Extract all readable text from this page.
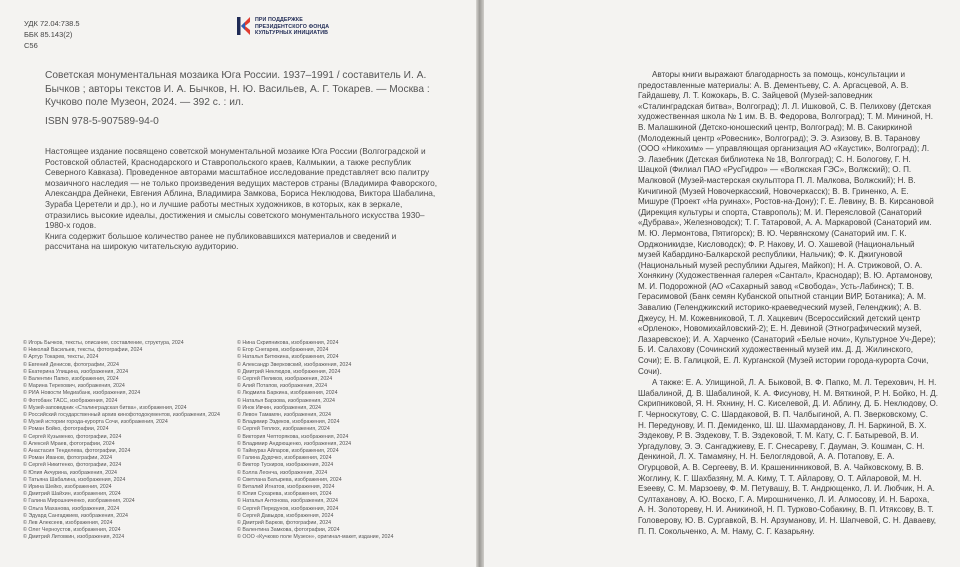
УДК 72.04:738.5
ББК 85.143(2)
С56
ПРИ ПОДДЕРЖКЕ
ПРЕЗИДЕНТСКОГО ФОНДА
КУЛЬТУРНЫХ ИНИЦИАТИВ
Советская монументальная мозаика Юга России. 1937–1991 / составитель И. А. Бычков ; авторы текстов И. А. Бычков, Н. Ю. Васильев, А. Г. Токарев. — Москва : Кучково поле Музеон, 2024. — 392 с. : ил.
ISBN 978-5-907589-94-0

Настоящее издание посвящено советской монументальной мозаике Юга России (Волгоградской и Ростовской областей, Краснодарского и Ставропольского краев, Калмыкии, а также республик Северного Кавказа). Проведенное авторами масштабное исследование представляет всю палитру мозаичного наследия — не только произведения ведущих мастеров страны (Владимира Фаворского, Александра Дейнеки, Евгения Аблина, Владимира Замкова, Бориса Неклюдова, Виктора Шабалина, Зураба Церетели и др.), но и лучшие работы местных художников, в которых, как в зеркале, отразились высокие идеалы, достижения и смыслы советского монументального искусства 1930–1980-х годов.

Книга содержит большое количество ранее не публиковавшихся материалов и сведений и рассчитана на широкую читательскую аудиторию.

© Игорь Бычков, тексты, описание, составление, структура, 2024
© Николай Васильев, тексты, фотографии, 2024
© Артур Токарев, тексты, 2024
© Евгений Денисов, фотографии, 2024
© Екатерина Улищина, изображения, 2024
© Валентин Папко, изображения, 2024
© Марина Терехович, изображения, 2024
© РИА Новости Медиабанк, изображения, 2024
© Фотобанк ТАСС, изображения, 2024
© Музей-заповедник «Сталинградская битва», изображения, 2024
© Российский государственный архив кинофотодокументов, изображения, 2024
© Музей истории города-курорта Сочи, изображения, 2024
© Роман Бойко, фотографии, 2024
© Сергей Кузьменко, фотографии, 2024
© Алексей Мраев, фотографии, 2024
© Анастасия Тенделева, фотографии, 2024
© Роман Иванов, фотографии, 2024
© Сергей Никитенко, фотографии, 2024
© Юлия Акчурина, изображения, 2024
© Татьяна Шабалина, изображения, 2024
© Ирина Шейко, изображения, 2024
© Дмитрий Шайхин, изображения, 2024
© Галина Мирошниченко, изображения, 2024
© Ольга Маханова, изображения, 2024
© Эдуард Сангаджиев, изображения, 2024
© Лев Алексеев, изображения, 2024
© Олег Черноустов, изображения, 2024
© Дмитрий Литовкин, изображения, 2024
© Нина Скрипникова, изображения, 2024
© Егор Снегарев, изображения, 2024
© Наталья Битюкина, изображения, 2024
© Александр Зверковский, изображения, 2024
© Дмитрий Неклюдов, изображения, 2024
© Сергей Пеликов, изображения, 2024
© Алий Потапов, изображения, 2024
© Людмила Баркина, изображения, 2024
© Наталья Барзова, изображения, 2024
© Инок Ивчин, изображения, 2024
© Левон Тамамян, изображения, 2024
© Владимир Эздеков, изображения, 2024
© Сергей Теплюх, изображения, 2024
© Виктория Чепторякова, изображения, 2024
© Владимир Андрющенко, изображения, 2024
© Таймураз Айларов, изображения, 2024
© Галина Дудочко, изображения, 2024
© Виктор Тускиров, изображения, 2024
© Бэлла Леонча, изображения, 2024
© Светлана Батырева, изображения, 2024
© Виталий Игнатов, изображения, 2024
© Юлия Сухарева, изображения, 2024
© Наталья Антонова, изображения, 2024
© Сергей Передунов, изображения, 2024
© Сергей Давыдов, изображения, 2024
© Дмитрий Барков, фотографии, 2024
© Валентина Замкова, фотографии, 2024
© ООО «Кучково поле Музеон», оригинал-макет, издание, 2024

Авторы книги выражают благодарность за помощь, консультации и предоставленные материалы: А. В. Дементьеву, С. А. Аргасцевой, А. В. Гайдашеву, Л. Т. Кожокарь, В. С. Зайцевой (Музей-заповедник «Сталинградская битва», Волгоград); Л. Л. Ишковой, С. В. Пелиховy (Детская художественная школа № 1 им. В. В. Федорова, Волгоград); Т. М. Мининой, Н. В. Малашкиной (Детско-юношеский центр, Волгоград); М. В. Сакиркиной (Молодежный центр «Ровесник», Волгоград); Э. Э. Азизову, В. В. Тарановy (ООО «Никохим» — управляющая организация АО «Каустик», Волгоград); Л. Э. Лазебник (Детская библиотека № 18, Волгоград); С. Н. Бологову, Г. Н. Шацкой (Филиал ПАО «РусГидро» — «Волжская ГЭС», Волжский); О. П. Малковой (Музей-мастерская скульптора П. Л. Малкова, Волжский); Н. В. Кичигиной (Музей Новочеркасский, Новочеркасск); В. В. Гриненко, А. Е. Мишуре (Проект «На руинах», Ростов-на-Дону); Г. Е. Левину, В. В. Кирсановой (Дирекция культуры и спорта, Ставрополь); М. И. Переясловой (Санаторий «Дубрава», Железноводск); Т. Г. Татаровой, А. А. Маркаровой (Санаторий им. М. Ю. Лермонтова, Пятигорск); В. Ю. Червянскому (Санаторий им. Г. К. Орджоникидзе, Кисловодск); Ф. Р. Накову, И. О. Хашевой (Национальный музей Кабардино-Балкарской республики, Нальчик); Ф. К. Джигуновой (Национальный музей республики Адыгея, Майкоп); Н. А. Стрижовой, О. А. Хонякину (Художественная галерея «Сантал», Краснодар); В. Ю. Артамонову, М. И. Подорожной (АО «Сахарный завод «Свобода», Усть-Лабинск); Т. В. Герасимовой (Банк семян Кубанской опытной станции ВИР, Ботаника); А. М. Завалию (Геленджикский историко-краеведческий музей, Геленджик); А. В. Джеусу, Н. М. Кожевниковой, Т. Л. Хацкевич (Всероссийский детский центр «Орленок», Новомихайловский-2); Е. Н. Девиной (Этнографический музей, Лазаревское); И. А. Харченко (Санаторий «Белые ночи», Культурное Уч-Дере); Б. И. Салахову (Сочинский художественный музей им. Д. Д. Жилинского, Сочи); Е. В. Галицкой, Е. Л. Курганской (Музей истории города-курорта Сочи, Сочи).

А также: Е. А. Улищиной, Л. А. Быковой, В. Ф. Папко, М. Л. Терехович, Н. Н. Шабалиной, Д. В. Шабалиной, К. А. Фисуновy, Н. М. Вяткиной, Р. Н. Бойко, Н. Д. Скрипниковой, Я. Н. Яхнину, Н. С. Киселевой, Д. И. Аблину, Д. Б. Неклюдову, О. Г. Черноскутову, С. С. Шардаковой, В. П. Чалбыгиной, А. П. Зверковскому, С. Н. Передунову, И. П. Демиденко, Ш. Ш. Шахмарданову, Л. Н. Баркиной, В. Х. Эздекову, Р. В. Эздекову, Т. В. Эздековой, Т. М. Кату, С. Г. Батыревой, В. И. Ургадулову, Э. Э. Сангаджиеву, Е. Г. Снесареву, Г. Дауман, Э. Кошман, С. Н. Денкиной, Л. Х. Тамамяну, Н. Н. Белоглядовой, А. А. Потаповy, Е. А. Огурцовой, А. В. Сергееву, В. И. Крашенинниковой, В. А. Чайковскому, В. В. Жоглину, К. Г. Шахбазяну, М. А. Киму, Т. Т. Айларову, О. Т. Айларовой, М. Н. Езееву, С. М. Марзоеву, Ф. М. Петувашу, В. Т. Андрющенко, Л. И. Любчик, Н. А. Султаханову, А. Ю. Воско, Г. А. Мирошниченко, Л. И. Алмосову, И. Н. Бароха, А. Н. Золотореву, Н. И. Аникиной, Н. П. Турково-Собакину, В. П. Итяксову, В. Т. Головерову, Ю. В. Сургавкой, В. Н. Арзуманову, И. Н. Шапчевой, С. Н. Даваеву, П. П. Сокольченко, А. М. Наму, С. Г. Казарьяну.
